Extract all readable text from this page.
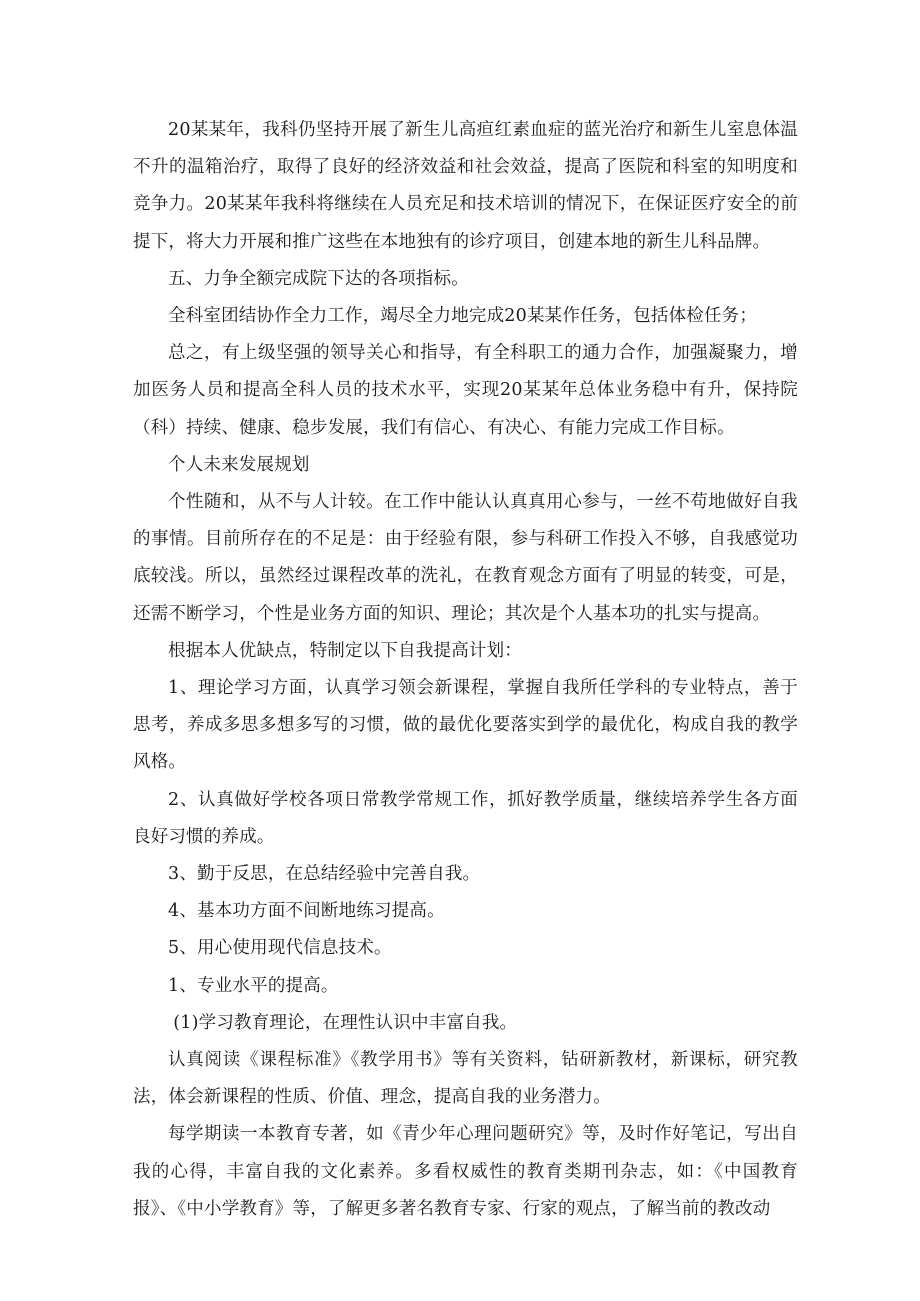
20某某年，我科仍坚持开展了新生儿高疸红素血症的蓝光治疗和新生儿室息体温不升的温箱治疗，取得了良好的经济效益和社会效益，提高了医院和科室的知明度和竞争力。20某某年我科将继续在人员充足和技术培训的情况下，在保证医疗安全的前提下，将大力开展和推广这些在本地独有的诊疗项目，创建本地的新生儿科品牌。

五、力争全额完成院下达的各项指标。

全科室团结协作全力工作，竭尽全力地完成20某某作任务，包括体检任务；

总之，有上级坚强的领导关心和指导，有全科职工的通力合作，加强凝聚力，增加医务人员和提高全科人员的技术水平，实现20某某年总体业务稳中有升，保持院（科）持续、健康、稳步发展，我们有信心、有决心、有能力完成工作目标。

个人未来发展规划

个性随和，从不与人计较。在工作中能认认真真用心参与，一丝不苟地做好自我的事情。目前所存在的不足是：由于经验有限，参与科研工作投入不够，自我感觉功底较浅。所以，虽然经过课程改革的洗礼，在教育观念方面有了明显的转变，可是，还需不断学习，个性是业务方面的知识、理论；其次是个人基本功的扎实与提高。

根据本人优缺点，特制定以下自我提高计划：

1、理论学习方面，认真学习领会新课程，掌握自我所任学科的专业特点，善于思考，养成多思多想多写的习惯，做的最优化要落实到学的最优化，构成自我的教学风格。

2、认真做好学校各项日常教学常规工作，抓好教学质量，继续培养学生各方面良好习惯的养成。

3、勤于反思，在总结经验中完善自我。

4、基本功方面不间断地练习提高。

5、用心使用现代信息技术。

1、专业水平的提高。

(1)学习教育理论，在理性认识中丰富自我。

认真阅读《课程标准》《教学用书》等有关资料，钻研新教材，新课标，研究教法，体会新课程的性质、价值、理念，提高自我的业务潜力。

每学期读一本教育专著，如《青少年心理问题研究》等，及时作好笔记，写出自我的心得，丰富自我的文化素养。多看权威性的教育类期刊杂志，如：《中国教育报》、《中小学教育》等，了解更多著名教育专家、行家的观点，了解当前的教改动
